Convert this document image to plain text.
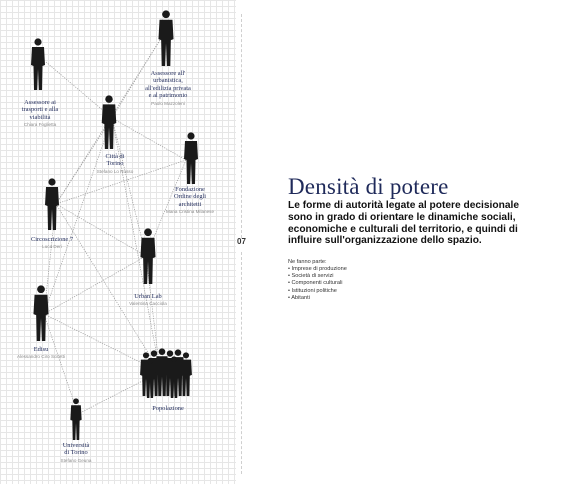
Assessore ai
trasporti e alla
viabilità
Chiara Foglietta
Assessore all'
urbanistica,
all'edilizia privata
e al patrimonio
Paolo Mazzoleni
Città di
Torino
Stefano Lo Russo
Fondazione
Ordine degli
architetti
Maria Cristina Milanese
Circoscrizione 7
Luca Deri
Urban Lab
Valentina Cacciola
Edisu
Alessandro Ciro Sciretti
Popolazione
Università
di Torino
Stefano Geuna
07
Densità di potere
Le forme di autorità legate al potere decisionale sono in grado di orientare le dinamiche sociali, economiche e culturali del territorio, e quindi di influire sull'organizzazione dello spazio.
Ne fanno parte:
• Imprese di produzione
• Società di servizi
• Componenti culturali
• Istituzioni politiche
• Abitanti
